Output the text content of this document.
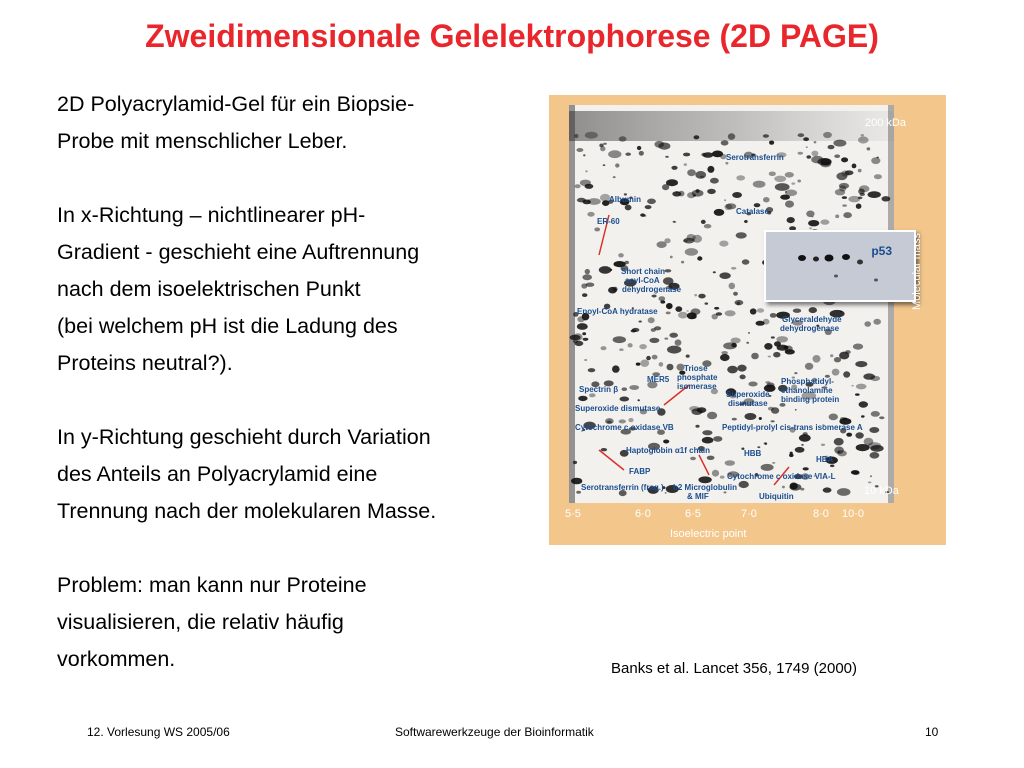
Zweidimensionale Gelelektrophorese (2D PAGE)

2D Polyacrylamid-Gel für ein Biopsie-
Probe mit menschlicher Leber.

In x-Richtung – nichtlinearer pH-
Gradient - geschieht eine Auftrennung
nach dem isoelektrischen Punkt
(bei welchem pH ist die Ladung des
Proteins neutral?).

In y-Richtung geschieht durch Variation
des Anteils an Polyacrylamid eine
Trennung nach der molekularen Masse.

Problem: man kann nur Proteine
visualisieren, die relativ häufig
vorkommen.

Serotransferrin
Albumin
Catalase
ER-60
Short chain
acyl-CoA
dehydrogenase
Enoyl-CoA hydratase
Glyceraldehyde
dehydrogenase
Triose
phosphate
isomerase
MER5
Spectrin β
Superoxide
dismutase
Superoxide dismutase
Phosphatidyl-
ethanolamine
binding protein
Cytochrome c oxidase VB	Peptidyl-prolyl cis-trans isomerase A
Haptoglobin α1f chain	HBB
HBA
FABP
Cytochrome c oxidase VIA-L
Serotransferrin (frag.) b2 Microglobulin
& MIF	Ubiquitin
p53
200 kDa
10 kDa
Molecular mass
5·5	6·0	6·5	7·0	8·0 10·0
Isoelectric point
Banks et al. Lancet 356, 1749 (2000)
12. Vorlesung WS 2005/06	Softwarewerkzeuge der Bioinformatik	10
